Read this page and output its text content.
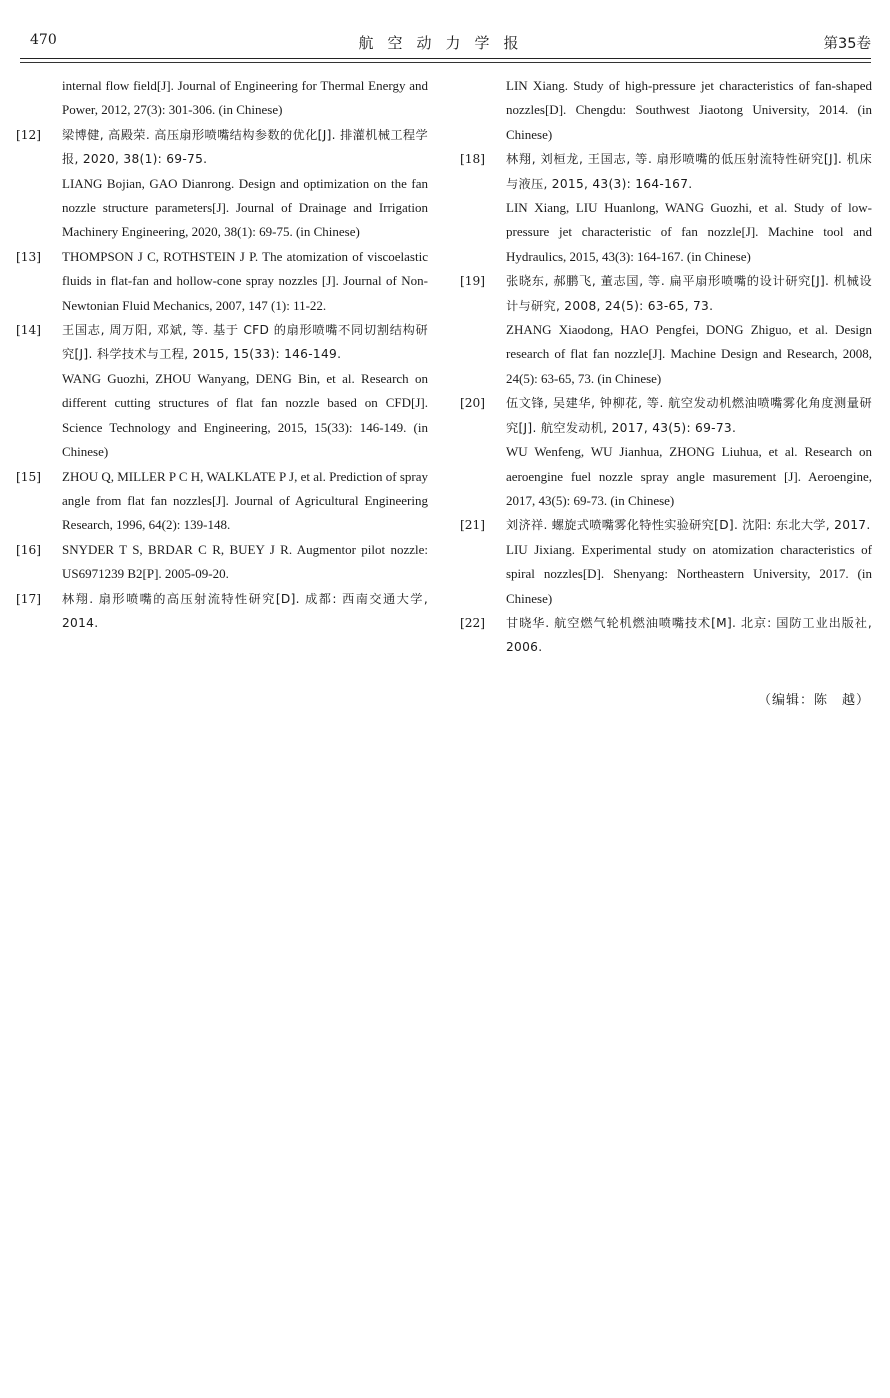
470	航空动力学报	第35卷
internal flow field[J]. Journal of Engineering for Thermal Energy and Power, 2012, 27(3): 301-306. (in Chinese)
[12] 梁博健, 高殿荣. 高压扇形喷嘴结构参数的优化[J]. 排灌机械工程学报, 2020, 38(1): 69-75.
LIANG Bojian, GAO Dianrong. Design and optimization on the fan nozzle structure parameters[J]. Journal of Drainage and Irrigation Machinery Engineering, 2020, 38(1): 69-75. (in Chinese)
[13] THOMPSON J C, ROTHSTEIN J P. The atomization of viscoelastic fluids in flat-fan and hollow-cone spray nozzles [J]. Journal of Non-Newtonian Fluid Mechanics, 2007, 147 (1): 11-22.
[14] 王国志, 周万阳, 邓斌, 等. 基于 CFD 的扇形喷嘴不同切割结构研究[J]. 科学技术与工程, 2015, 15(33): 146-149.
WANG Guozhi, ZHOU Wanyang, DENG Bin, et al. Research on different cutting structures of flat fan nozzle based on CFD[J]. Science Technology and Engineering, 2015, 15(33): 146-149. (in Chinese)
[15] ZHOU Q, MILLER P C H, WALKLATE P J, et al. Prediction of spray angle from flat fan nozzles[J]. Journal of Agricultural Engineering Research, 1996, 64(2): 139-148.
[16] SNYDER T S, BRDAR C R, BUEY J R. Augmentor pilot nozzle: US6971239 B2[P]. 2005-09-20.
[17] 林翔. 扇形喷嘴的高压射流特性研究[D]. 成都: 西南交通大学, 2014.
LIN Xiang. Study of high-pressure jet characteristics of fan-shaped nozzles[D]. Chengdu: Southwest Jiaotong University, 2014. (in Chinese)
[18] 林翔, 刘桓龙, 王国志, 等. 扇形喷嘴的低压射流特性研究[J]. 机床与液压, 2015, 43(3): 164-167.
LIN Xiang, LIU Huanlong, WANG Guozhi, et al. Study of low-pressure jet characteristic of fan nozzle[J]. Machine tool and Hydraulics, 2015, 43(3): 164-167. (in Chinese)
[19] 张晓东, 郝鹏飞, 董志国, 等. 扁平扇形喷嘴的设计研究[J]. 机械设计与研究, 2008, 24(5): 63-65, 73.
ZHANG Xiaodong, HAO Pengfei, DONG Zhiguo, et al. Design research of flat fan nozzle[J]. Machine Design and Research, 2008, 24(5): 63-65, 73. (in Chinese)
[20] 伍文锋, 吴建华, 钟柳花, 等. 航空发动机燃油喷嘴雾化角度测量研究[J]. 航空发动机, 2017, 43(5): 69-73.
WU Wenfeng, WU Jianhua, ZHONG Liuhua, et al. Research on aeroengine fuel nozzle spray angle masurement [J]. Aeroengine, 2017, 43(5): 69-73. (in Chinese)
[21] 刘济祥. 螺旋式喷嘴雾化特性实验研究[D]. 沈阳: 东北大学, 2017.
LIU Jixiang. Experimental study on atomization characteristics of spiral nozzles[D]. Shenyang: Northeastern University, 2017. (in Chinese)
[22] 甘晓华. 航空燃气轮机燃油喷嘴技术[M]. 北京: 国防工业出版社, 2006.
（编辑：陈　越）
